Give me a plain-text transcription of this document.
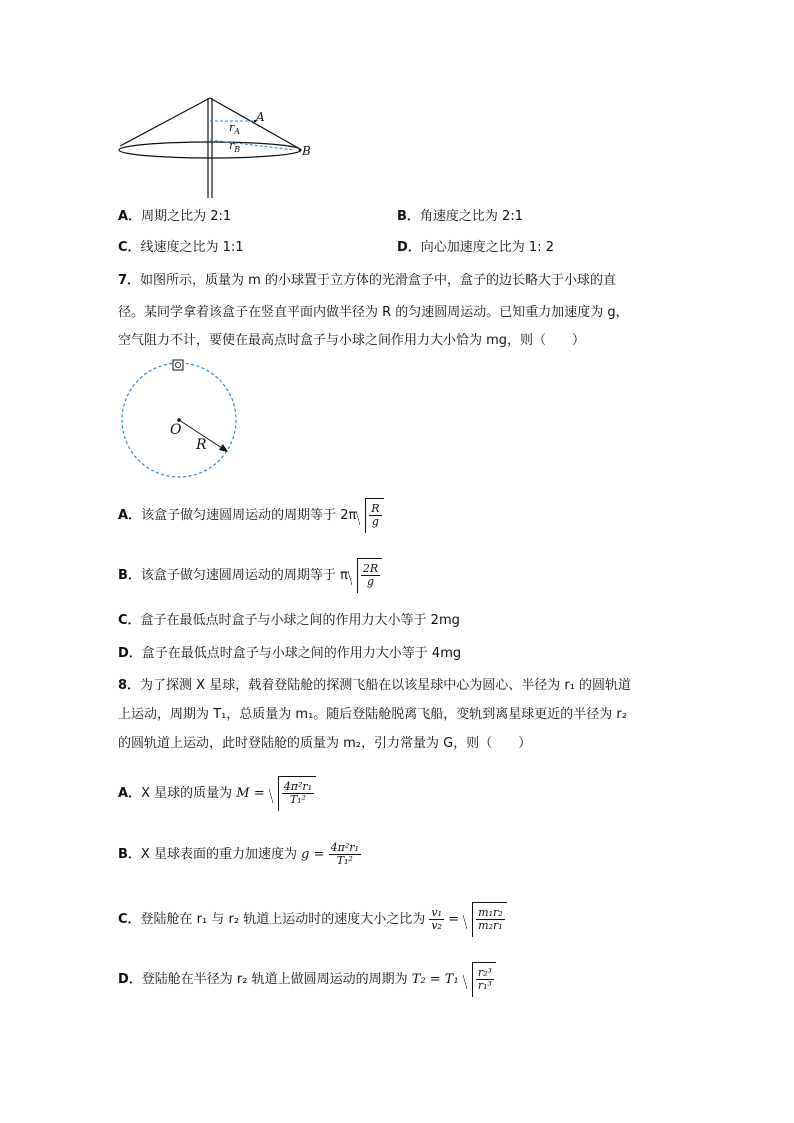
A
B
$r_A$
$r_B$
A．周期之比为 2:1	B．角速度之比为 2:1
C．线速度之比为 1:1	D．向心加速度之比为 1: 2
7．如图所示，质量为 m 的小球置于立方体的光滑盒子中，盒子的边长略大于小球的直
径。某同学拿着该盒子在竖直平面内做半径为 R 的匀速圆周运动。已知重力加速度为 g，
空气阻力不计，要使在最高点时盒子与小球之间作用力大小恰为 mg，则（　　）
O
R
A．该盒子做匀速圆周运动的周期等于 $2\pi \frac{R}{g}$
B．该盒子做匀速圆周运动的周期等于 π $\frac{2R}{g}$
C．盒子在最低点时盒子与小球之间的作用力大小等于 2mg
D．盒子在最低点时盒子与小球之间的作用力大小等于 4mg
8．为了探测 X 星球，载着登陆舱的探测飞船在以该星球中心为圆心、半径为 r₁ 的圆轨道
上运动，周期为 T₁，总质量为 m₁。随后登陆舱脱离飞船，变轨到离星球更近的半径为 r₂
的圆轨道上运动，此时登陆舱的质量为 m₂，引力常量为 G，则（　　）
A．X 星球的质量为 $M = \frac{\text{4π²r₁}}{\text{T₁²}}$
B．X 星球表面的重力加速度为 $g = \frac{\text{4π²r₁}}{\text{T₁²}}$
C．登陆舱在 r₁ 与 r₂ 轨道上运动时的速度大小之比为 $\frac{\text{v₁}}{\text{v₂}} = \frac{\text{m₁r₂}}{\text{m₂r₁}}$
D．登陆舱在半径为 r₂ 轨道上做圆周运动的周期为 $T_2 = T_1 \frac{\text{r₂³}}{\text{r₁³}}$
